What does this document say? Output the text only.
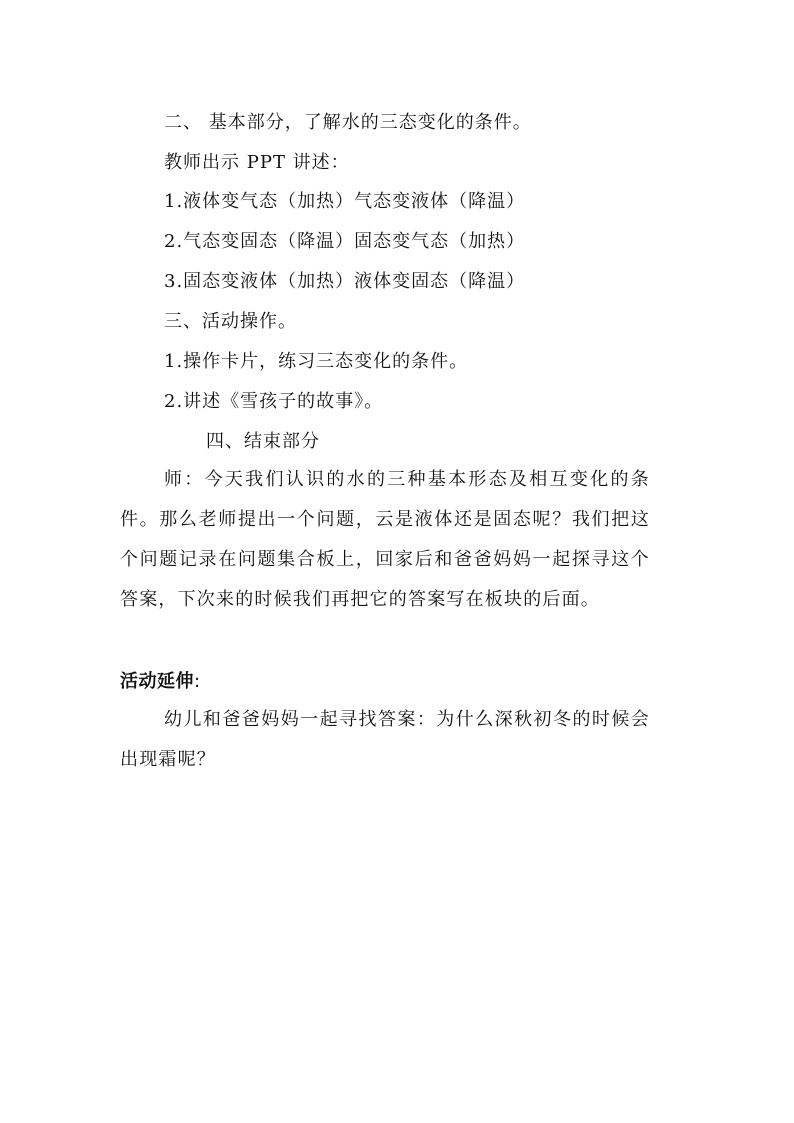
二、 基本部分，了解水的三态变化的条件。
教师出示 PPT 讲述：
1.液体变气态（加热）气态变液体（降温）
2.气态变固态（降温）固态变气态（加热）
3.固态变液体（加热）液体变固态（降温）
三、活动操作。
1.操作卡片，练习三态变化的条件。
2.讲述《雪孩子的故事》。
四、结束部分

师：今天我们认识的水的三种基本形态及相互变化的条件。那么老师提出一个问题，云是液体还是固态呢？我们把这个问题记录在问题集合板上，回家后和爸爸妈妈一起探寻这个答案，下次来的时候我们再把它的答案写在板块的后面。

活动延伸:

幼儿和爸爸妈妈一起寻找答案：为什么深秋初冬的时候会出现霜呢？
